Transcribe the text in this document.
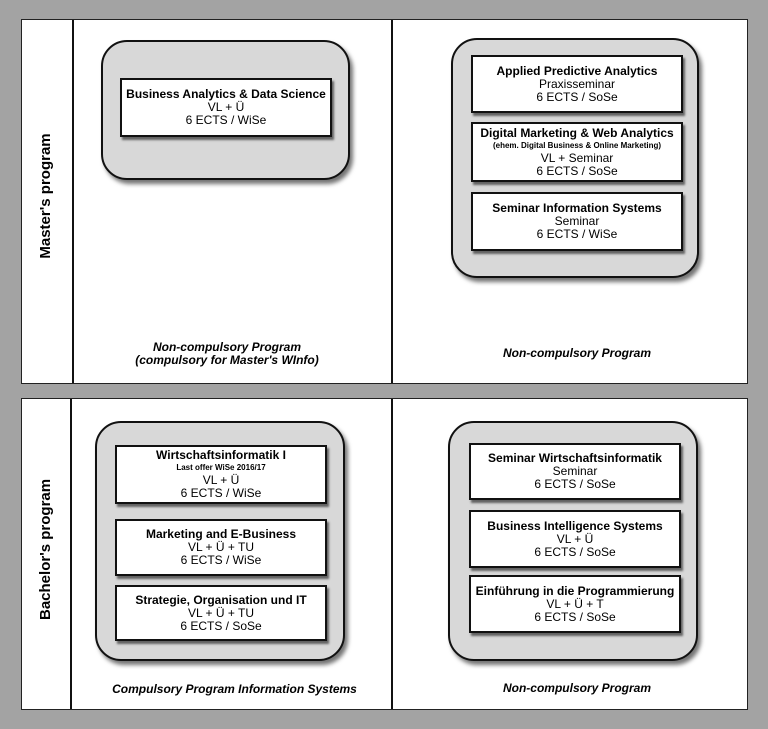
Master's program
Business Analytics & Data Science
VL + Ü
6 ECTS / WiSe
Non-compulsory Program
(compulsory for Master's WInfo)
Applied Predictive Analytics
Praxisseminar
6 ECTS / SoSe
Digital Marketing & Web Analytics
(ehem. Digital Business & Online Marketing)
VL + Seminar
6 ECTS / SoSe
Seminar Information Systems
Seminar
6 ECTS / WiSe
Non-compulsory Program
Bachelor's program
Wirtschaftsinformatik I
Last offer WiSe 2016/17
VL + Ü
6 ECTS / WiSe
Marketing and E-Business
VL + Ü + TU
6 ECTS / WiSe
Strategie, Organisation und IT
VL + Ü + TU
6 ECTS / SoSe
Compulsory Program Information Systems
Seminar Wirtschaftsinformatik
Seminar
6 ECTS / SoSe
Business Intelligence Systems
VL + Ü
6 ECTS / SoSe
Einführung in die Programmierung
VL + Ü + T
6 ECTS / SoSe
Non-compulsory Program
